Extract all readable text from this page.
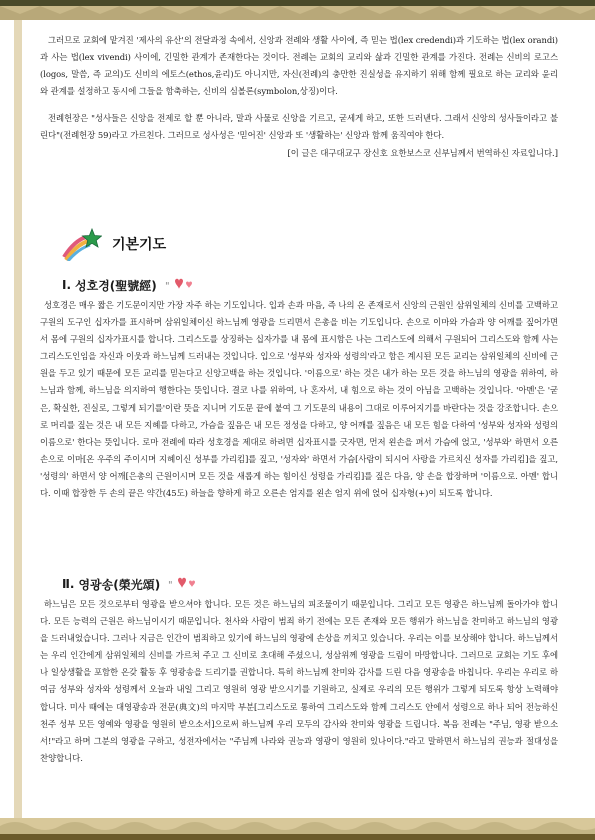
그러므로 교회에 맡겨진 '제사의 유산'의 전달과정 속에서, 신앙과 전례와 생활 사이에, 즉 믿는 법(lex credendi)과 기도하는 법(lex orandi)과 사는 법(lex vivendi) 사이에, 긴밀한 관계가 존재한다는 것이다. 전례는 교회의 교리와 삶과 긴밀한 관계를 가진다. 전례는 신비의 로고스(logos, 말씀, 즉 교의)도 신비의 에토스(ethos,윤리)도 아니지만, 자신(전례)의 충만한 진실성을 유지하기 위해 함께 필요로 하는 교리와 윤리와 관계를 설정하고 동시에 그들을 함축하는, 신비의 심볼론(symbolon,상징)이다.

전례헌장은 "성사들은 신앙을 전제로 할 뿐 아니라, 말과 사물로 신앙을 기르고, 굳세게 하고, 또한 드러낸다. 그래서 신앙의 성사들이라고 불린다"(전례헌장 59)라고 가르친다. 그러므로 성사성은 '믿어진' 신앙과 또 '생활하는' 신앙과 함께 움직여야 한다.

[이 글은 대구대교구 장신호 요한보스코 신부님께서 번역하신 자료입니다.]

기본기도
Ⅰ. 성호경(聖號經) "

성호경은 매우 짧은 기도문이지만 가장 자주 하는 기도입니다. 입과 손과 마음, 즉 나의 온 존재로서 신앙의 근원인 삼위일체의 신비를 고백하고 구원의 도구인 십자가를 표시하며 삼위일체이신 하느님께 영광을 드리면서 은총을 비는 기도입니다. 손으로 이마와 가슴과 양 어깨를 짚어가면서 몸에 구원의 십자가표시를 합니다. 그리스도를 상징하는 십자가를 내 몸에 표시함은 나는 그리스도에 의해서 구원되어 그리스도와 함께 사는 그리스도인임을 자신과 이웃과 하느님께 드러내는 것입니다. 입으로 '성부와 성자와 성령의'라고 함은 계시된 모든 교리는 삼위일체의 신비에 근원을 두고 있기 때문에 모든 교리를 믿는다고 신앙고백을 하는 것입니다. '이름으로' 하는 것은 내가 하는 모든 것을 하느님의 영광을 위하여, 하느님과 함께, 하느님을 의지하여 행한다는 뜻입니다. 결코 나를 위하여, 나 혼자서, 내 힘으로 하는 것이 아님을 고백하는 것입니다. '아멘'은 '굳은, 확실한, 진실로, 그렇게 되기를'이란 뜻을 지니며 기도문 끝에 붙여 그 기도문의 내용이 그대로 이루어지기를 바란다는 것을 강조합니다. 손으로 머리를 짚는 것은 내 모든 지혜를 다하고, 가슴을 짚음은 내 모든 정성을 다하고, 양 어깨를 짚음은 내 모든 힘을 다하여 '성부와 성자와 성령의 이름으로' 한다는 뜻입니다. 로마 전례에 따라 성호경을 제대로 하려면 십자표시를 긋자면, 먼저 왼손을 펴서 가슴에 얹고, '성부와' 하면서 오른손으로 이마[온 우주의 주이시며 지혜이신 성부를 가리킴]를 짚고, '성자와' 하면서 가슴[사람이 되시어 사랑을 가르치신 성자를 가리킴]을 짚고, '성령의' 하면서 양 어깨[은총의 근원이시며 모든 것을 새롭게 하는 힘이신 성령을 가리킴]를 짚은 다음, 양 손을 합장하며 '이름으로. 아멘' 합니다. 이때 합장한 두 손의 끝은 약간(45도) 하늘을 향하게 하고 오른손 엄지를 왼손 엄지 위에 얹어 십자형(+)이 되도록 합니다.

Ⅱ. 영광송(榮光頌) "

하느님은 모든 것으로부터 영광을 받으셔야 합니다. 모든 것은 하느님의 피조물이기 때문입니다. 그리고 모든 영광은 하느님께 돌아가야 합니다. 모든 능력의 근원은 하느님이시기 때문입니다. 천사와 사람이 범죄 하기 전에는 모든 존재와 모든 행위가 하느님을 찬미하고 하느님의 영광을 드러내었습니다. 그러나 지금은 인간이 범죄하고 있기에 하느님의 영광에 손상을 끼치고 있습니다. 우리는 이를 보상해야 합니다. 하느님께서는 우리 인간에게 삼위일체의 신비를 가르쳐 주고 그 신비로 초대해 주셨으니, 성삼위께 영광을 드림이 마땅합니다. 그러므로 교회는 기도 후에나 일상생활을 포함한 온갖 활동 후 영광송을 드리기를 권합니다. 특히 하느님께 찬미와 감사를 드린 다음 영광송을 바칩니다. 우리는 우리로 하여금 성부와 성자와 성령께서 오늘과 내일 그리고 영원히 영광 받으시기를 기원하고, 실제로 우리의 모든 행위가 그렇게 되도록 항상 노력해야 합니다. 미사 때에는 대영광송과 전문(典文)의 마지막 부분[그리스도로 통하여 그리스도와 함께 그리스도 안에서 성령으로 하나 되어 전능하신 천주 성부 모든 영예와 영광을 영원히 받으소서]으로써 하느님께 우리 모두의 감사와 찬미와 영광을 드립니다. 복음 전례는 "주님, 영광 받으소서!"라고 하며 그분의 영광을 구하고, 성전자에서는 "주님께 나라와 권능과 영광이 영원히 있나이다."라고 말하면서 하느님의 권능과 절대성을 찬양합니다.
